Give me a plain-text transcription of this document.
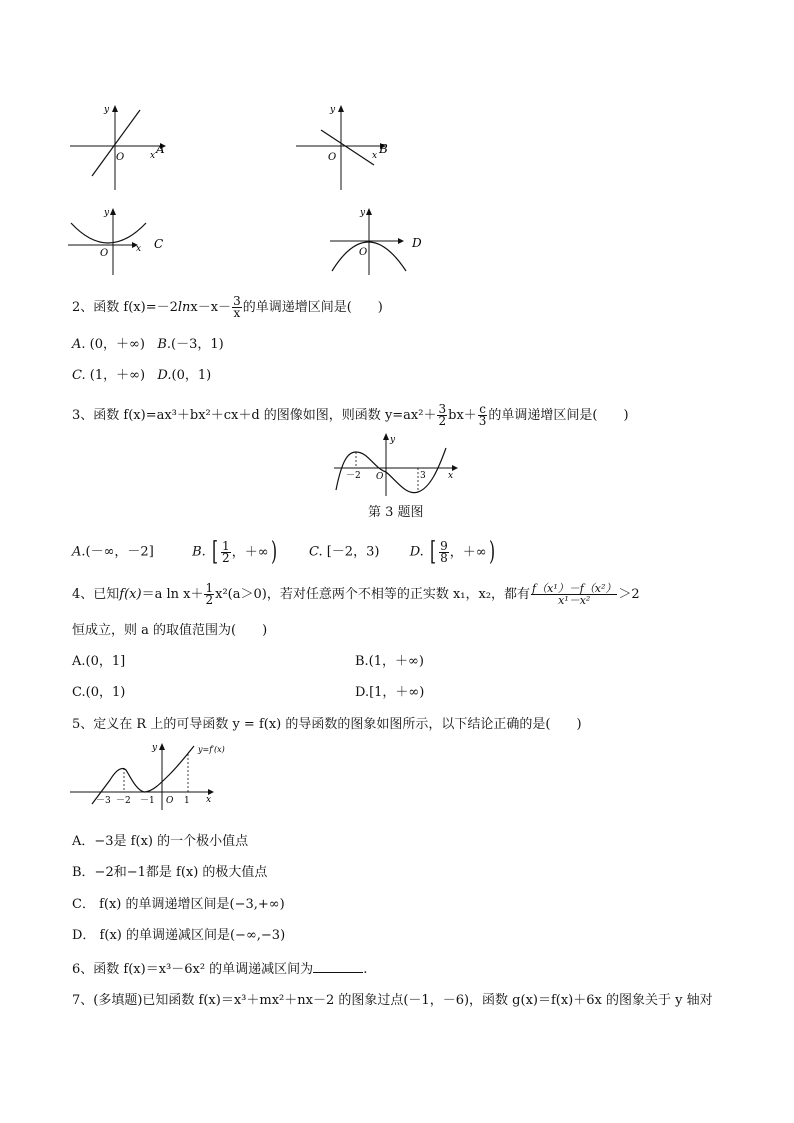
y
O	x A
y
O	x B
y
O	x C
y
O
D
2、函数 $f(x)=-2\ln x-x- \frac{3}{x}$ 的单调递增区间是(　　)
A. (0，＋∞) B.(－3，1)
C. (1，＋∞) D.(0，1)
3、函数 f(x)=ax³＋bx²＋cx＋d 的图像如图，则函数 $y=ax^2+ \frac{3}{2} bx+ \frac{c}{3}$ 的单调递增区间是(　　)
－2 O	3 x
y
第 3 题图
A.(－∞，－2]	B. [ $\frac{1}{2}$ ，＋∞) C. [－2，3) D. [ $\frac{9}{8}$ ，＋∞)
4、已知f(x)＝a $\ln x+ \frac{1}{2} x^2(a>0)$，若对任意两个不相等的正实数 x₁，x₂，都有 $\frac{\text{f（x¹）－f（x²）}}{\text{x¹－x²}} >2$
恒成立，则 a 的取值范围为(　　)
A.(0，1]	B.(1，＋∞)
C.(0，1)	D.[1，＋∞)
5、定义在 R 上的可导函数 y = f(x) 的导函数的图象如图所示，以下结论正确的是(　　)
y=f′(x)
y
－3 －2 －1 O 1 x
A．−3是 f(x) 的一个极小值点
B．−2和−1都是 f(x) 的极大值点
C． f(x) 的单调递增区间是(−3,+∞)
D． f(x) 的单调递减区间是(−∞,−3)
6、函数 f(x)＝x³－6x² 的单调递减区间为	.
7、(多填题)已知函数 f(x)＝x³＋mx²＋nx－2 的图象过点(－1，－6)，函数 g(x)＝f(x)＋6x 的图象关于 y 轴对
